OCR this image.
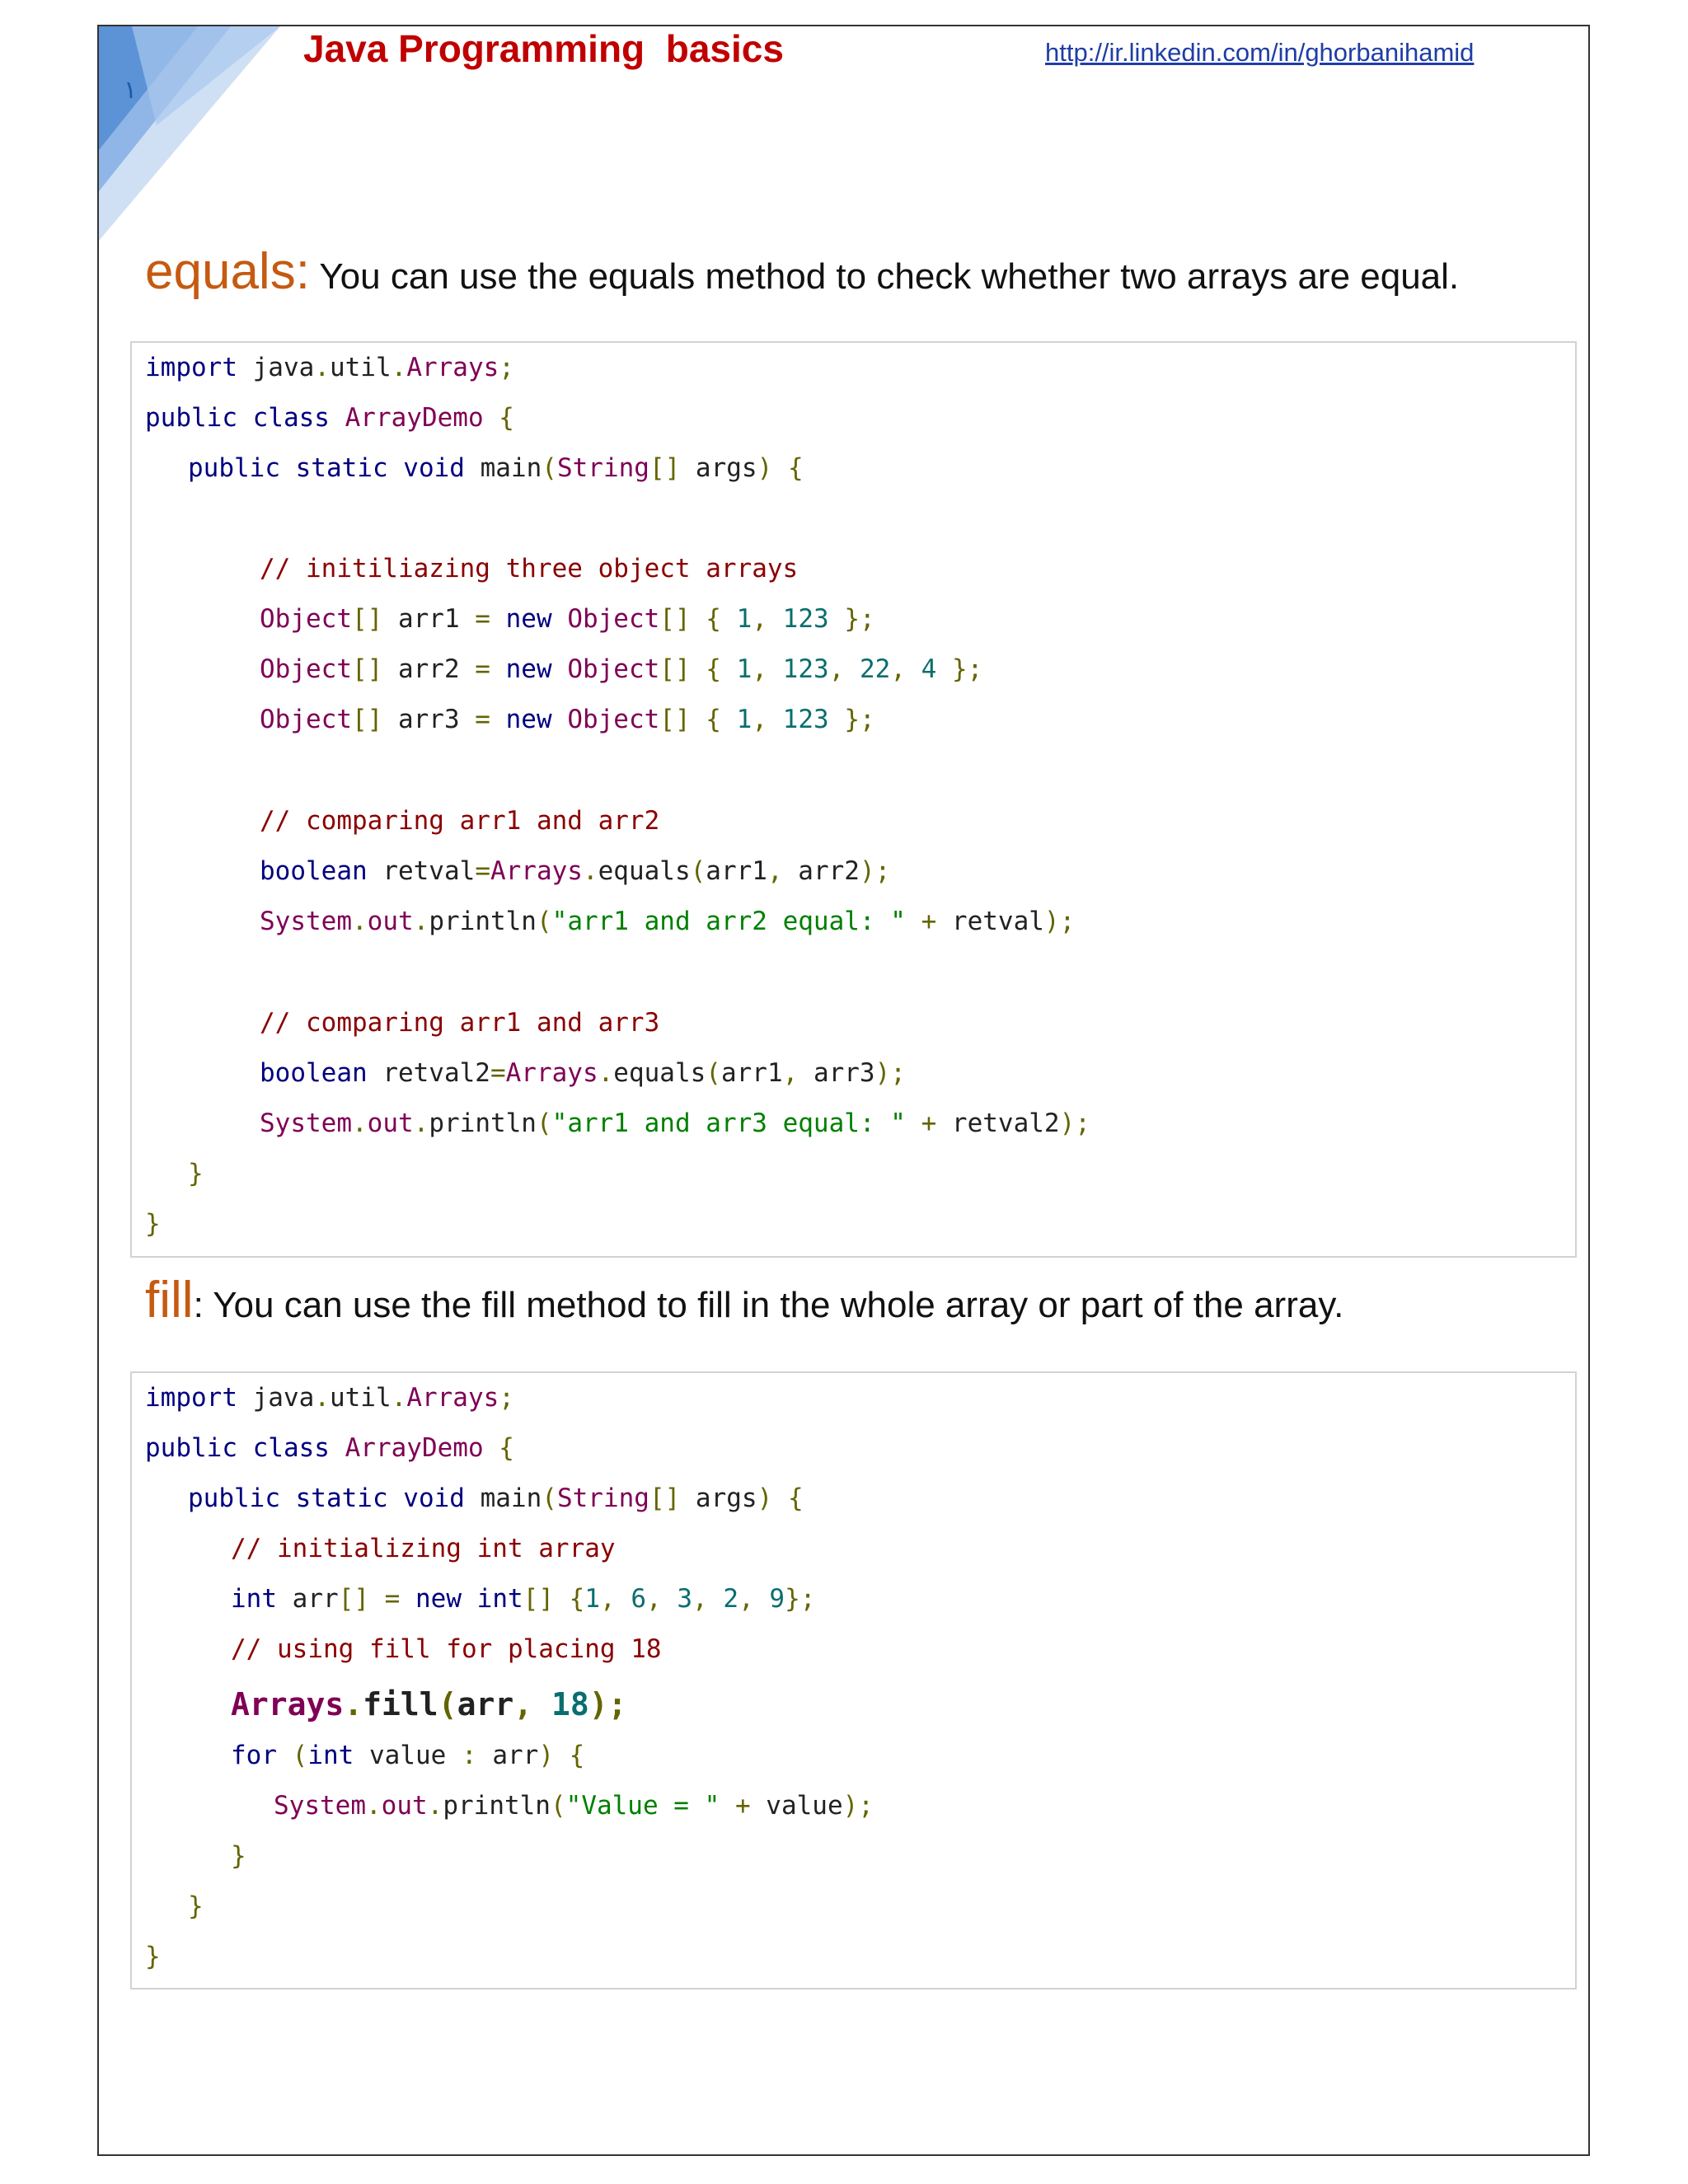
١
Java Programming  basics	http://ir.linkedin.com/in/ghorbanihamid
equals: You can use the equals method to check whether two arrays are equal.
import java.util.Arrays;
public class ArrayDemo {
public static void main(String[] args) {
// initiliazing three object arrays
Object[] arr1 = new Object[] { 1, 123 };
Object[] arr2 = new Object[] { 1, 123, 22, 4 };
Object[] arr3 = new Object[] { 1, 123 };
// comparing arr1 and arr2
boolean retval=Arrays.equals(arr1, arr2);
System.out.println("arr1 and arr2 equal: " + retval);
// comparing arr1 and arr3
boolean retval2=Arrays.equals(arr1, arr3);
System.out.println("arr1 and arr3 equal: " + retval2);
}
}
fill: You can use the fill method to fill in the whole array or part of the array.
import java.util.Arrays;
public class ArrayDemo {
public static void main(String[] args) {
// initializing int array
int arr[] = new int[] {1, 6, 3, 2, 9};
// using fill for placing 18
Arrays.fill(arr, 18);
for (int value : arr) {
System.out.println("Value = " + value);
}
}
}
